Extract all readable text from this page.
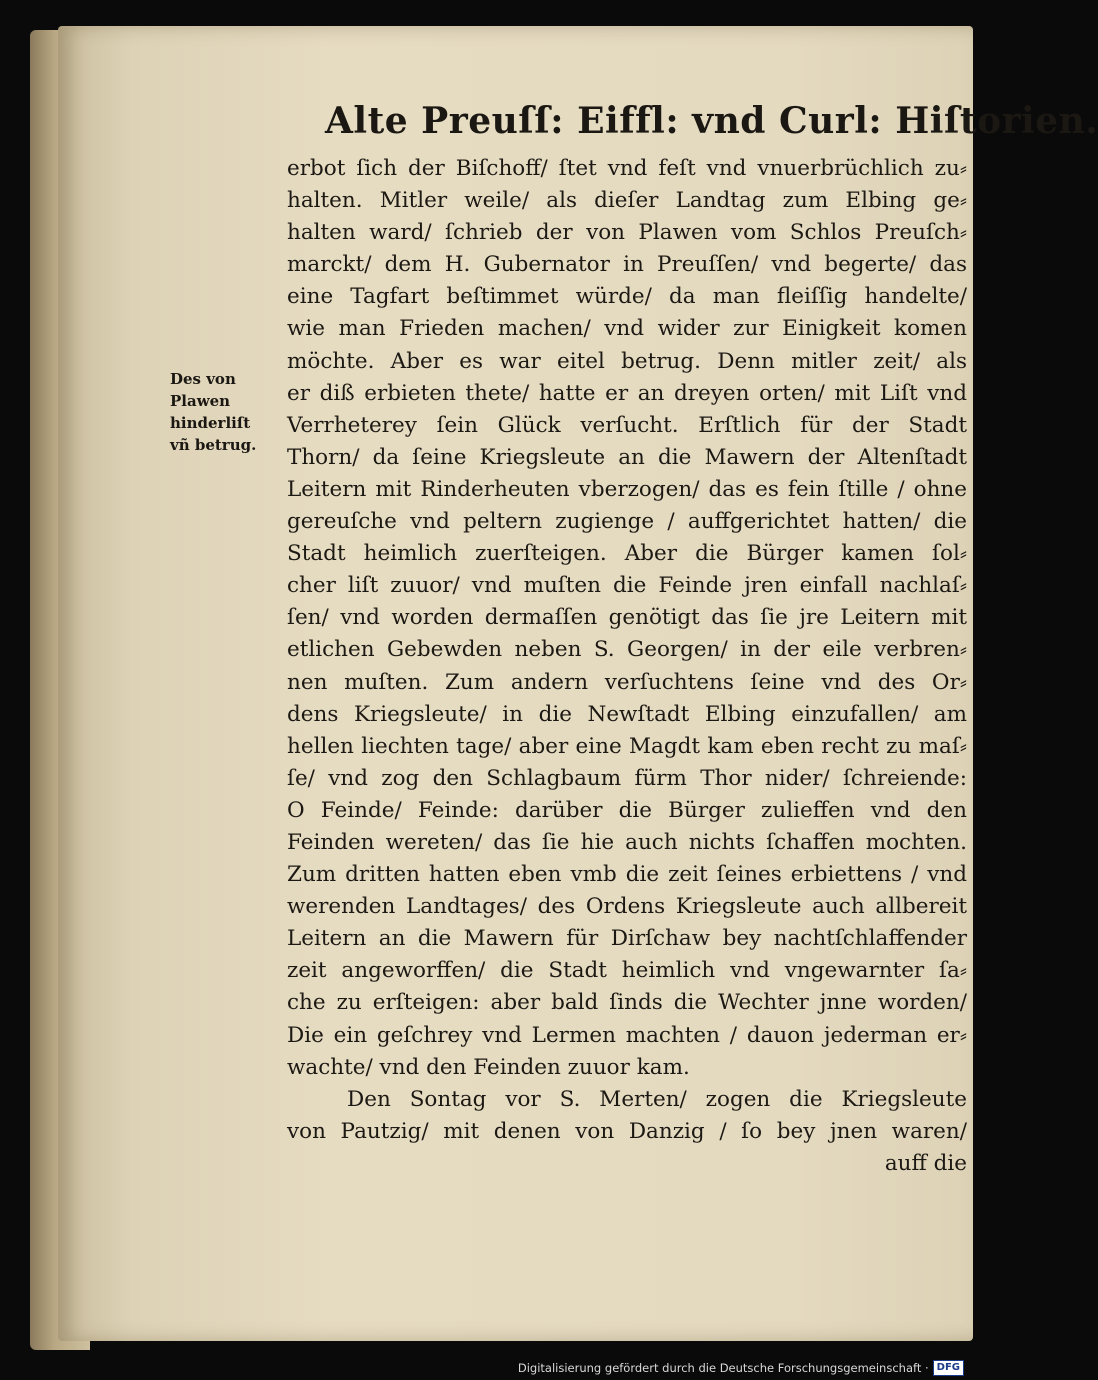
Alte Preuſſ: Eiffl: vnd Curl: Hiſtorien.
Des von
Plawen
hinderliſt
vñ betrug.
erbot ſich der Biſchoff/ ſtet vnd feſt vnd vnuerbrüchlich zu⸗
halten. Mitler weile/ als dieſer Landtag zum Elbing ge⸗
halten ward/ ſchrieb der von Plawen vom Schlos Preuſch⸗
marckt/ dem H. Gubernator in Preuſſen/ vnd begerte/ das
eine Tagfart beſtimmet würde/ da man fleiſſig handelte/
wie man Frieden machen/ vnd wider zur Einigkeit komen
möchte. Aber es war eitel betrug. Denn mitler zeit/ als
er diß erbieten thete/ hatte er an dreyen orten/ mit Liſt vnd
Verrheterey ſein Glück verſucht. Erſtlich für der Stadt
Thorn/ da ſeine Kriegsleute an die Mawern der Altenſtadt
Leitern mit Rinderheuten vberzogen/ das es fein ſtille / ohne
gereuſche vnd peltern zugienge / auffgerichtet hatten/ die
Stadt heimlich zuerſteigen. Aber die Bürger kamen ſol⸗
cher liſt zuuor/ vnd muſten die Feinde jren einfall nachlaſ⸗
ſen/ vnd worden dermaſſen genötigt das ſie jre Leitern mit
etlichen Gebewden neben S. Georgen/ in der eile verbren⸗
nen muſten. Zum andern verſuchtens ſeine vnd des Or⸗
dens Kriegsleute/ in die Newſtadt Elbing einzufallen/ am
hellen liechten tage/ aber eine Magdt kam eben recht zu maſ⸗
ſe/ vnd zog den Schlagbaum fürm Thor nider/ ſchreiende:
O Feinde/ Feinde: darüber die Bürger zulieffen vnd den
Feinden wereten/ das ſie hie auch nichts ſchaffen mochten.
Zum dritten hatten eben vmb die zeit ſeines erbiettens / vnd
werenden Landtages/ des Ordens Kriegsleute auch allbereit
Leitern an die Mawern für Dirſchaw bey nachtſchlaffender
zeit angeworffen/ die Stadt heimlich vnd vngewarnter ſa⸗
che zu erſteigen: aber bald ſinds die Wechter jnne worden/
Die ein geſchrey vnd Lermen machten / dauon jederman er⸗
wachte/ vnd den Feinden zuuor kam.
Den Sontag vor S. Merten/ zogen die Kriegsleute
von Pautzig/ mit denen von Danzig / ſo bey jnen waren/
auff die
Digitalisierung gefördert durch die Deutsche Forschungsgemeinschaft · DFG
